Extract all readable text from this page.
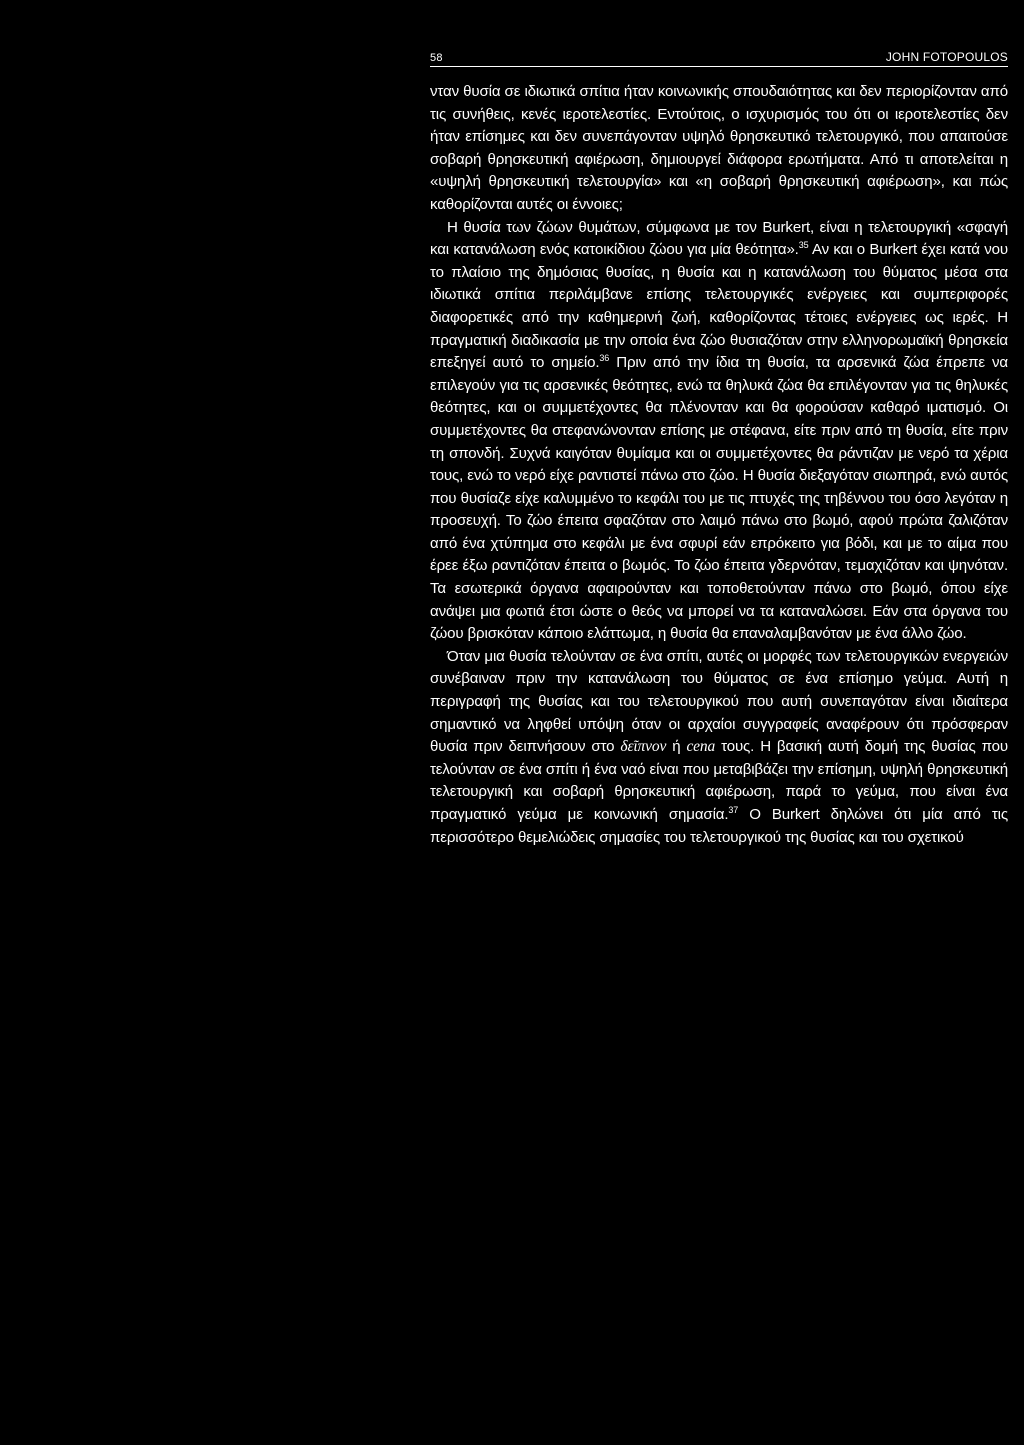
58	JOHN FOTOPOULOS

νταν θυσία σε ιδιωτικά σπίτια ήταν κοινωνικής σπουδαιότητας και δεν περιορίζονταν από τις συνήθεις, κενές ιεροτελεστίες. Εντούτοις, ο ισχυρισμός του ότι οι ιεροτελεστίες δεν ήταν επίσημες και δεν συνεπάγονταν υψηλό θρησκευτικό τελετουργικό, που απαιτούσε σοβαρή θρησκευτική αφιέρωση, δημιουργεί διάφορα ερωτήματα. Από τι αποτελείται η «υψηλή θρησκευτική τελετουργία» και «η σοβαρή θρησκευτική αφιέρωση», και πώς καθορίζονται αυτές οι έννοιες;

Η θυσία των ζώων θυμάτων, σύμφωνα με τον Burkert, είναι η τελετουργική «σφαγή και κατανάλωση ενός κατοικίδιου ζώου για μία θεότητα».$^{35}$ Αν και ο Burkert έχει κατά νου το πλαίσιο της δημόσιας θυσίας, η θυσία και η κατανάλωση του θύματος μέσα στα ιδιωτικά σπίτια περιλάμβανε επίσης τελετουργικές ενέργειες και συμπεριφορές διαφορετικές από την καθημερινή ζωή, καθορίζοντας τέτοιες ενέργειες ως ιερές. Η πραγματική διαδικασία με την οποία ένα ζώο θυσιαζόταν στην ελληνορωμαϊκή θρησκεία επεξηγεί αυτό το σημείο.$^{36}$ Πριν από την ίδια τη θυσία, τα αρσενικά ζώα έπρεπε να επιλεγούν για τις αρσενικές θεότητες, ενώ τα θηλυκά ζώα θα επιλέγονταν για τις θηλυκές θεότητες, και οι συμμετέχοντες θα πλένονταν και θα φορούσαν καθαρό ιματισμό. Οι συμμετέχοντες θα στεφανώνονταν επίσης με στέφανα, είτε πριν από τη θυσία, είτε πριν τη σπονδή. Συχνά καιγόταν θυμίαμα και οι συμμετέχοντες θα ράντιζαν με νερό τα χέρια τους, ενώ το νερό είχε ραντιστεί πάνω στο ζώο. Η θυσία διεξαγόταν σιωπηρά, ενώ αυτός που θυσίαζε είχε καλυμμένο το κεφάλι του με τις πτυχές της τηβέννου του όσο λεγόταν η προσευχή. Το ζώο έπειτα σφαζόταν στο λαιμό πάνω στο βωμό, αφού πρώτα ζαλιζόταν από ένα χτύπημα στο κεφάλι με ένα σφυρί εάν επρόκειτο για βόδι, και με το αίμα που έρεε έξω ραντιζόταν έπειτα ο βωμός. Το ζώο έπειτα γδερνόταν, τεμαχιζόταν και ψηνόταν. Τα εσωτερικά όργανα αφαιρούνταν και τοποθετούνταν πάνω στο βωμό, όπου είχε ανάψει μια φωτιά έτσι ώστε ο θεός να μπορεί να τα καταναλώσει. Εάν στα όργανα του ζώου βρισκόταν κάποιο ελάττωμα, η θυσία θα επαναλαμβανόταν με ένα άλλο ζώο.

Όταν μια θυσία τελούνταν σε ένα σπίτι, αυτές οι μορφές των τελετουργικών ενεργειών συνέβαιναν πριν την κατανάλωση του θύματος σε ένα επίσημο γεύμα. Αυτή η περιγραφή της θυσίας και του τελετουργικού που αυτή συνεπαγόταν είναι ιδιαίτερα σημαντικό να ληφθεί υπόψη όταν οι αρχαίοι συγγραφείς αναφέρουν ότι πρόσφεραν θυσία πριν δειπνήσουν στο δεῖπνον ή cena τους. Η βασική αυτή δομή της θυσίας που τελούνταν σε ένα σπίτι ή ένα ναό είναι που μεταβιβάζει την επίσημη, υψηλή θρησκευτική τελετουργική και σοβαρή θρησκευτική αφιέρωση, παρά το γεύμα, που είναι ένα πραγματικό γεύμα με κοινωνική σημασία.$^{37}$ Ο Burkert δηλώνει ότι μία από τις περισσότερο θεμελιώδεις σημασίες του τελετουργικού της θυσίας και του σχετικού
